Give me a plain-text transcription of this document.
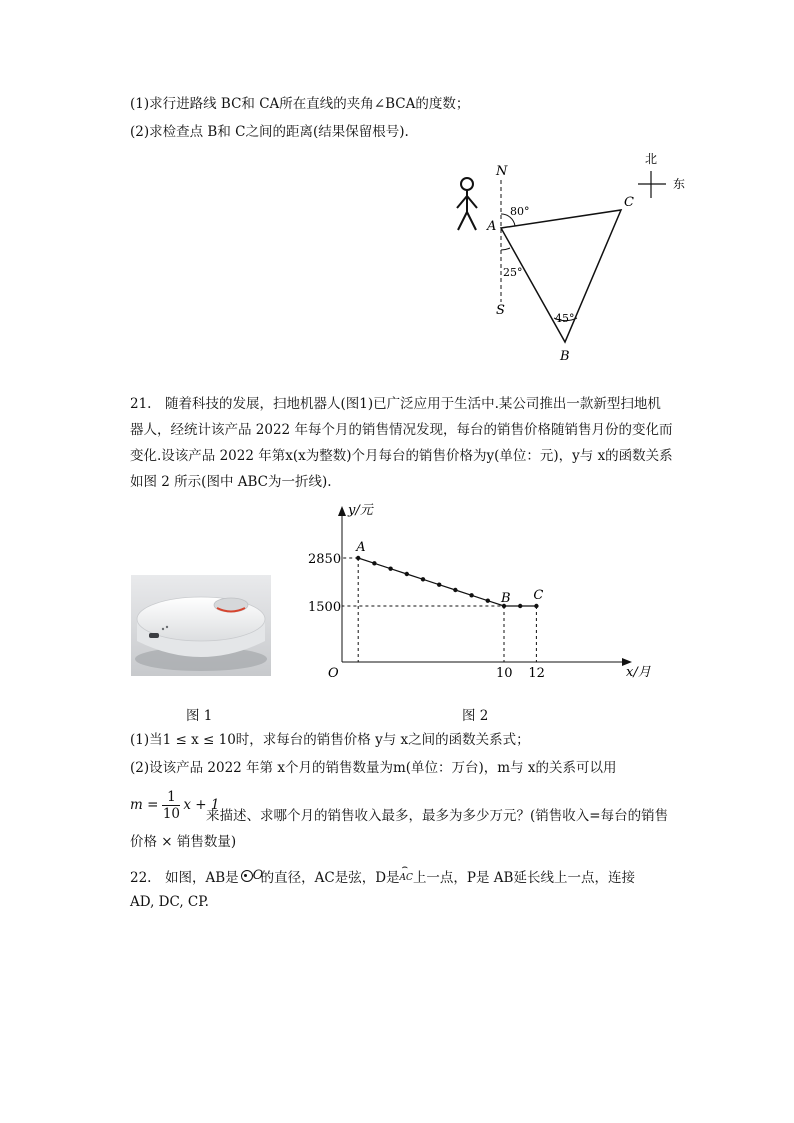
(1)求行进路线 BC和 CA所在直线的夹角∠BCA的度数；
(2)求检查点 B和 C之间的距离(结果保留根号).
N
S
A
C
B
80°
25°
45°
北
东
21.　随着科技的发展，扫地机器人(图1)已广泛应用于生活中.某公司推出一款新型扫地机
器人，经统计该产品 2022 年每个月的销售情况发现，每台的销售价格随销售月份的变化而
变化.设该产品 2022 年第x(x为整数)个月每台的销售价格为y(单位：元)，y与 x的函数关系
如图 2 所示(图中 ABC为一折线).
图 1
y/元
x/月
O
A
B C
2850
1500
10 12
图 2
(1)当1 ≤ x ≤ 10时，求每台的销售价格 y与 x之间的函数关系式；
(2)设该产品 2022 年第 x个月的销售数量为m(单位：万台)，m与 x的关系可以用
m =
1
10
x + 1
来描述、求哪个月的销售收入最多，最多为多少万元？(销售收入=每台的销售
价格 × 销售数量)
22.　如图，AB是 O
的直径，AC是弦，D是
⌢
AC上一点，P是 AB延长线上一点，连接
AD, DC, CP.
